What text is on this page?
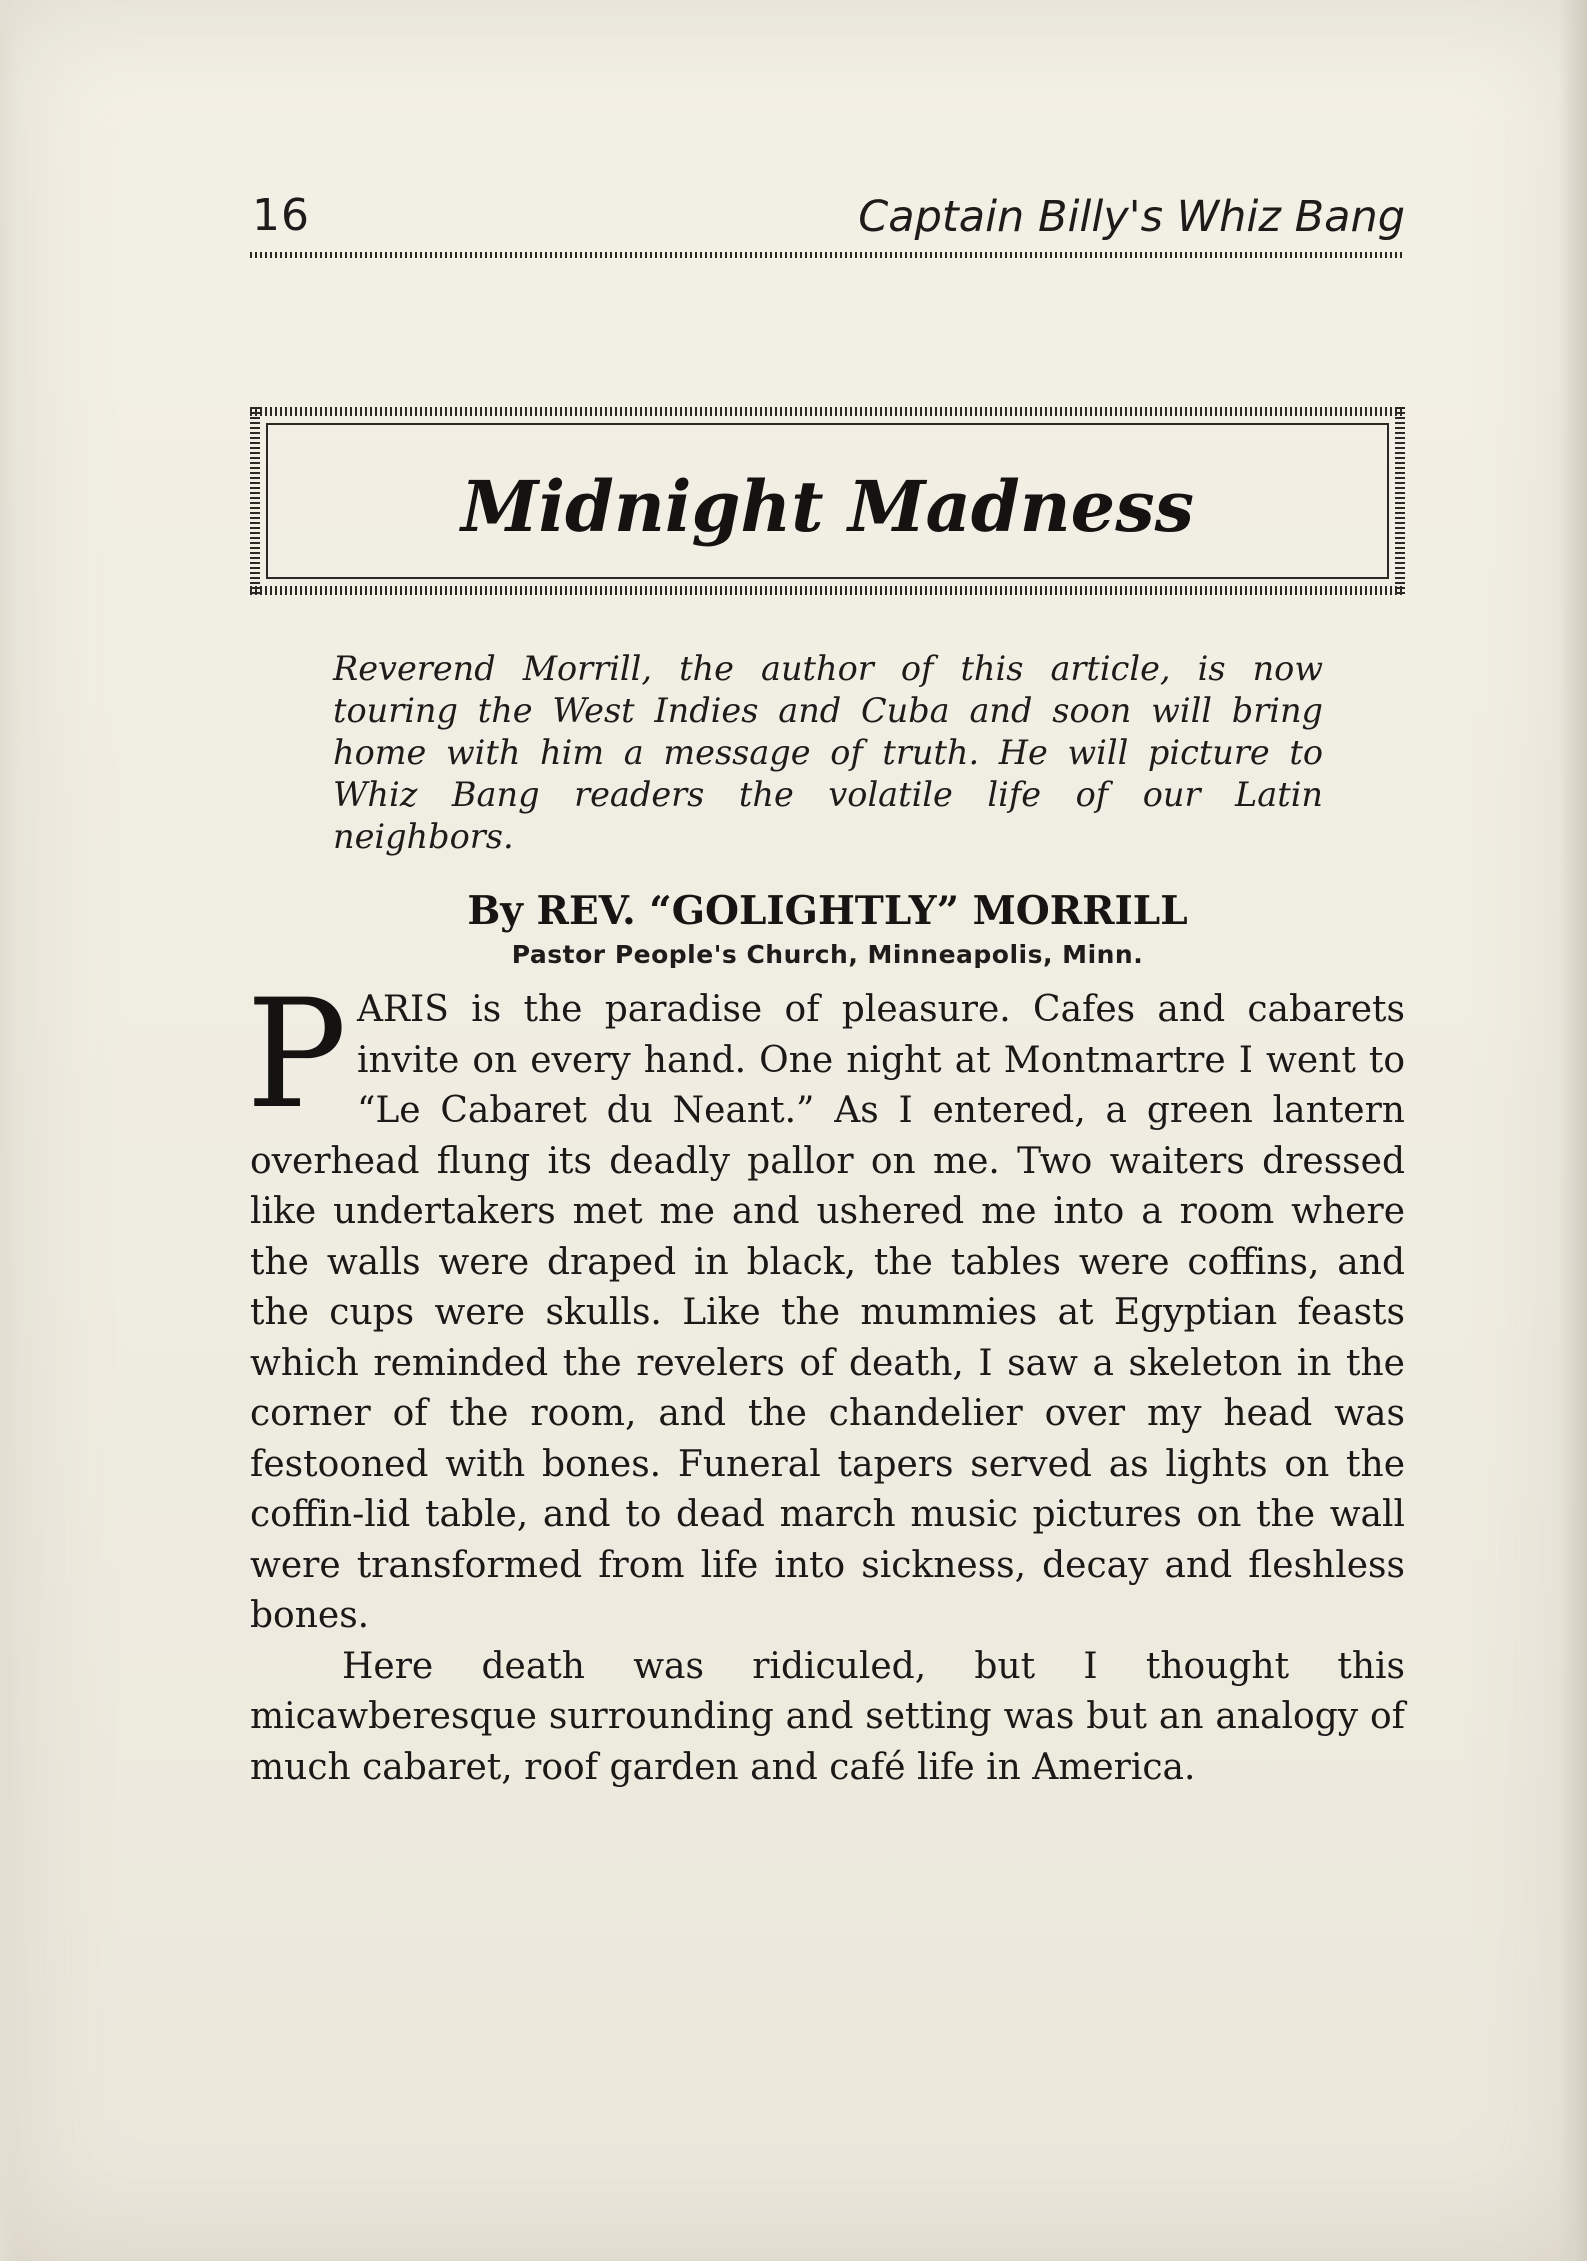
16	Captain Billy's Whiz Bang
Midnight Madness

Reverend Morrill, the author of this article, is now touring the West Indies and Cuba and soon will bring home with him a message of truth. He will picture to Whiz Bang readers the volatile life of our Latin neighbors.

By REV. “GOLIGHTLY” MORRILL
Pastor People's Church, Minneapolis, Minn.

PARIS is the paradise of pleasure. Cafes and cabarets invite on every hand. One night at Montmartre I went to “Le Cabaret du Neant.” As I entered, a green lantern overhead flung its deadly pallor on me. Two waiters dressed like undertakers met me and ushered me into a room where the walls were draped in black, the tables were coffins, and the cups were skulls. Like the mummies at Egyptian feasts which reminded the revelers of death, I saw a skeleton in the corner of the room, and the chandelier over my head was festooned with bones. Funeral tapers served as lights on the coffin-lid table, and to dead march music pictures on the wall were transformed from life into sickness, decay and fleshless bones.

Here death was ridiculed, but I thought this micawberesque surrounding and setting was but an analogy of much cabaret, roof garden and café life in America.
